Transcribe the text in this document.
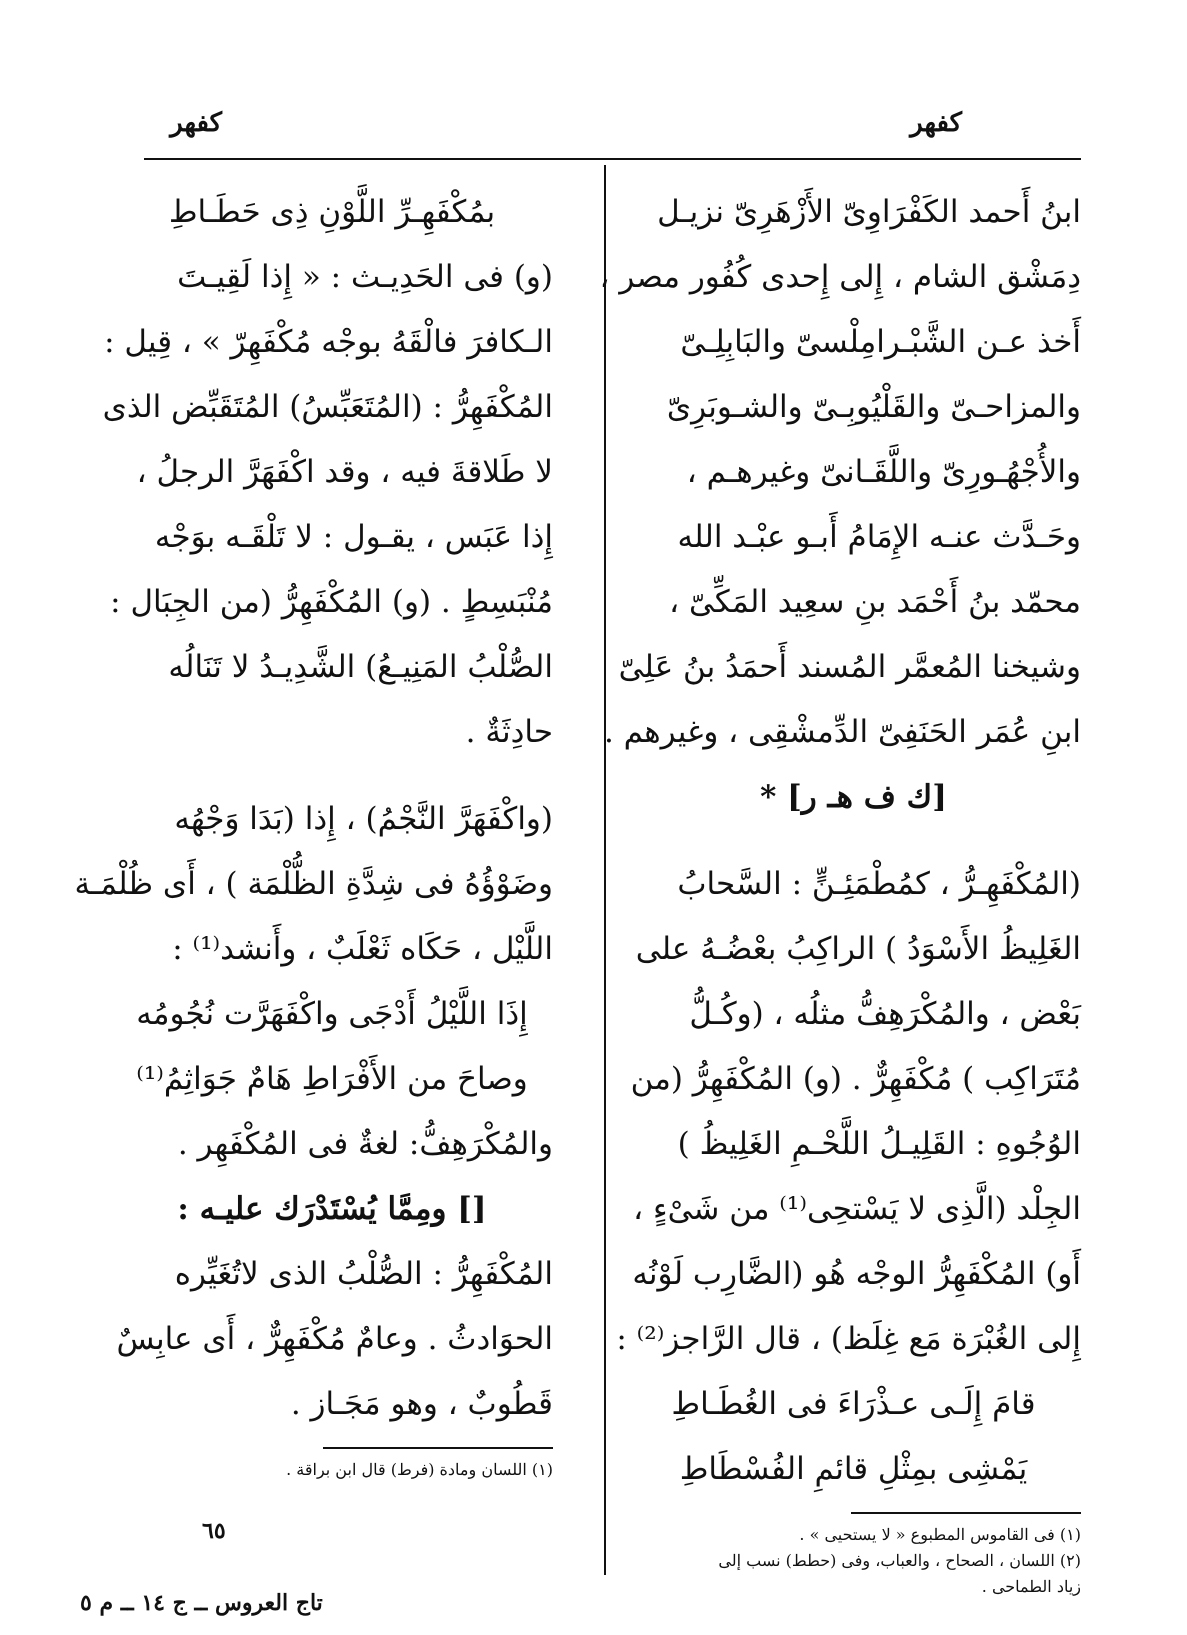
كفهر
كفهر
ابنُ أَحمد الكَفْرَاوِىّ الأَزْهَرِىّ نزيـل
دِمَشْق الشام ، إِلى إِحدى كُفُور مصر ،
أَخذ عـن الشَّبْـرامِلْسىّ والبَابِلِـىّ
والمزاحـىّ والقَلْيُوبِـىّ والشـوبَرِىّ
والأُجْهُـورِىّ واللَّقَـانىّ وغيرهـم ،
وحَـدَّث عنـه الإِمَامُ أَبـو عبْـد الله
محمّد بنُ أَحْمَد بنِ سعِيد المَكِّىّ ،
وشيخنا المُعمَّر المُسند أَحمَدُ بنُ عَلِىّ
ابنِ عُمَر الحَنَفِىّ الدِّمشْقِى ، وغيرهم .
[ك ف هـ ر] *
(المُكْفَهِـرُّ ، كمُطْمَئِـنٍّ : السَّحابُ
الغَلِيظُ الأَسْوَدُ ) الراكِبُ بعْضُـهُ على
بَعْض ، والمُكْرَهِفُّ مثلُه ، (وكُـلُّ
مُتَرَاكِب ) مُكْفَهِرٌّ . (و) المُكْفَهِرُّ (من
الوُجُوهِ : القَلِيـلُ اللَّحْـمِ الغَلِيظُ )
الجِلْد (الَّذِى لا يَسْتحِى⁽¹⁾ من شَىْءٍ ،
أَو) المُكْفَهِرُّ الوجْه هُو (الضَّارِب لَوْنُه
إِلى الغُبْرَة مَع غِلَظ) ، قال الرَّاجز⁽²⁾ :
قامَ إِلَـى عـذْرَاءَ فى الغُطَـاطِ
يَمْشِى بمِثْلِ قائمِ الفُسْطَاطِ
(١) فى القاموس المطبوع « لا يستحيى » .
(٢) اللسان ، الصحاح ، والعباب، وفى (حطط) نسب إلى
زياد الطماحى .
بمُكْفَهِـرِّ اللَّوْنِ ذِى حَطَـاطِ
(و) فى الحَدِيـث : « إِذا لَقِيـتَ
الـكافرَ فالْقَهُ بوجْه مُكْفَهِرّ » ، قِيل :
المُكْفَهِرُّ : (المُتَعَبِّسُ) المُتَقَبِّض الذى
لا طَلاقةَ فيه ، وقد اكْفَهَرَّ الرجلُ ،
إِذا عَبَس ، يقـول : لا تَلْقَـه بوَجْه
مُنْبَسِطٍ . (و) المُكْفَهِرُّ (من الجِبَال :
الصُّلْبُ المَنِيـعُ) الشَّدِيـدُ لا تَنَالُه
حادِثَةٌ .
(واكْفَهَرَّ النَّجْمُ) ، إِذا (بَدَا وَجْهُه
وضَوْؤُهُ فى شِدَّةِ الظُّلْمَة ) ، أَى ظُلْمَـة
اللَّيْل ، حَكَاه ثَعْلَبٌ ، وأَنشد⁽¹⁾ :
إِذَا اللَّيْلُ أَدْجَى واكْفَهَرَّت نُجُومُه
وصاحَ من الأَفْرَاطِ هَامٌ جَوَاثِمُ⁽¹⁾
والمُكْرَهِفُّ: لغةٌ فى المُكْفَهِر .
[] ومِمَّا يُسْتَدْرَك عليـه :
المُكْفَهِرُّ : الصُّلْبُ الذى لاتُغَيِّره
الحوَادثُ . وعامٌ مُكْفَهِرٌّ ، أَى عابِسٌ
قَطُوبٌ ، وهو مَجَـاز .
(١) اللسان ومادة (فرط) قال ابن براقة .
٦٥
تاج العروس ــ ج ١٤ ــ م ٥
